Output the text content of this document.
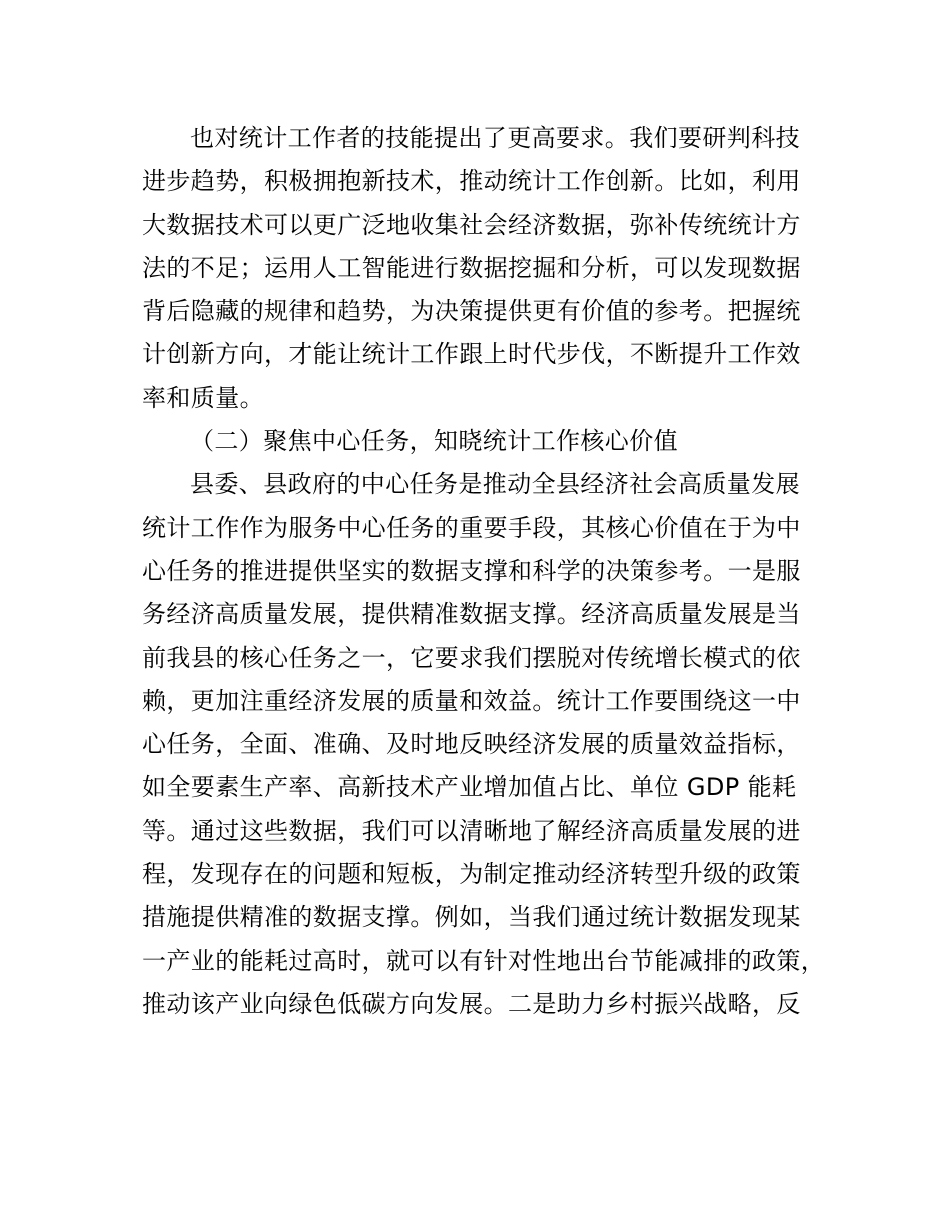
也对统计工作者的技能提出了更高要求。我们要研判科技
进步趋势，积极拥抱新技术，推动统计工作创新。比如，利用
大数据技术可以更广泛地收集社会经济数据，弥补传统统计方
法的不足；运用人工智能进行数据挖掘和分析，可以发现数据
背后隐藏的规律和趋势，为决策提供更有价值的参考。把握统
计创新方向，才能让统计工作跟上时代步伐，不断提升工作效
率和质量。
（二）聚焦中心任务，知晓统计工作核心价值
县委、县政府的中心任务是推动全县经济社会高质量发展
统计工作作为服务中心任务的重要手段，其核心价值在于为中
心任务的推进提供坚实的数据支撑和科学的决策参考。一是服
务经济高质量发展，提供精准数据支撑。经济高质量发展是当
前我县的核心任务之一，它要求我们摆脱对传统增长模式的依
赖，更加注重经济发展的质量和效益。统计工作要围绕这一中
心任务，全面、准确、及时地反映经济发展的质量效益指标，
如全要素生产率、高新技术产业增加值占比、单位 GDP 能耗
等。通过这些数据，我们可以清晰地了解经济高质量发展的进
程，发现存在的问题和短板，为制定推动经济转型升级的政策
措施提供精准的数据支撑。例如，当我们通过统计数据发现某
一产业的能耗过高时，就可以有针对性地出台节能减排的政策，
推动该产业向绿色低碳方向发展。二是助力乡村振兴战略，反
